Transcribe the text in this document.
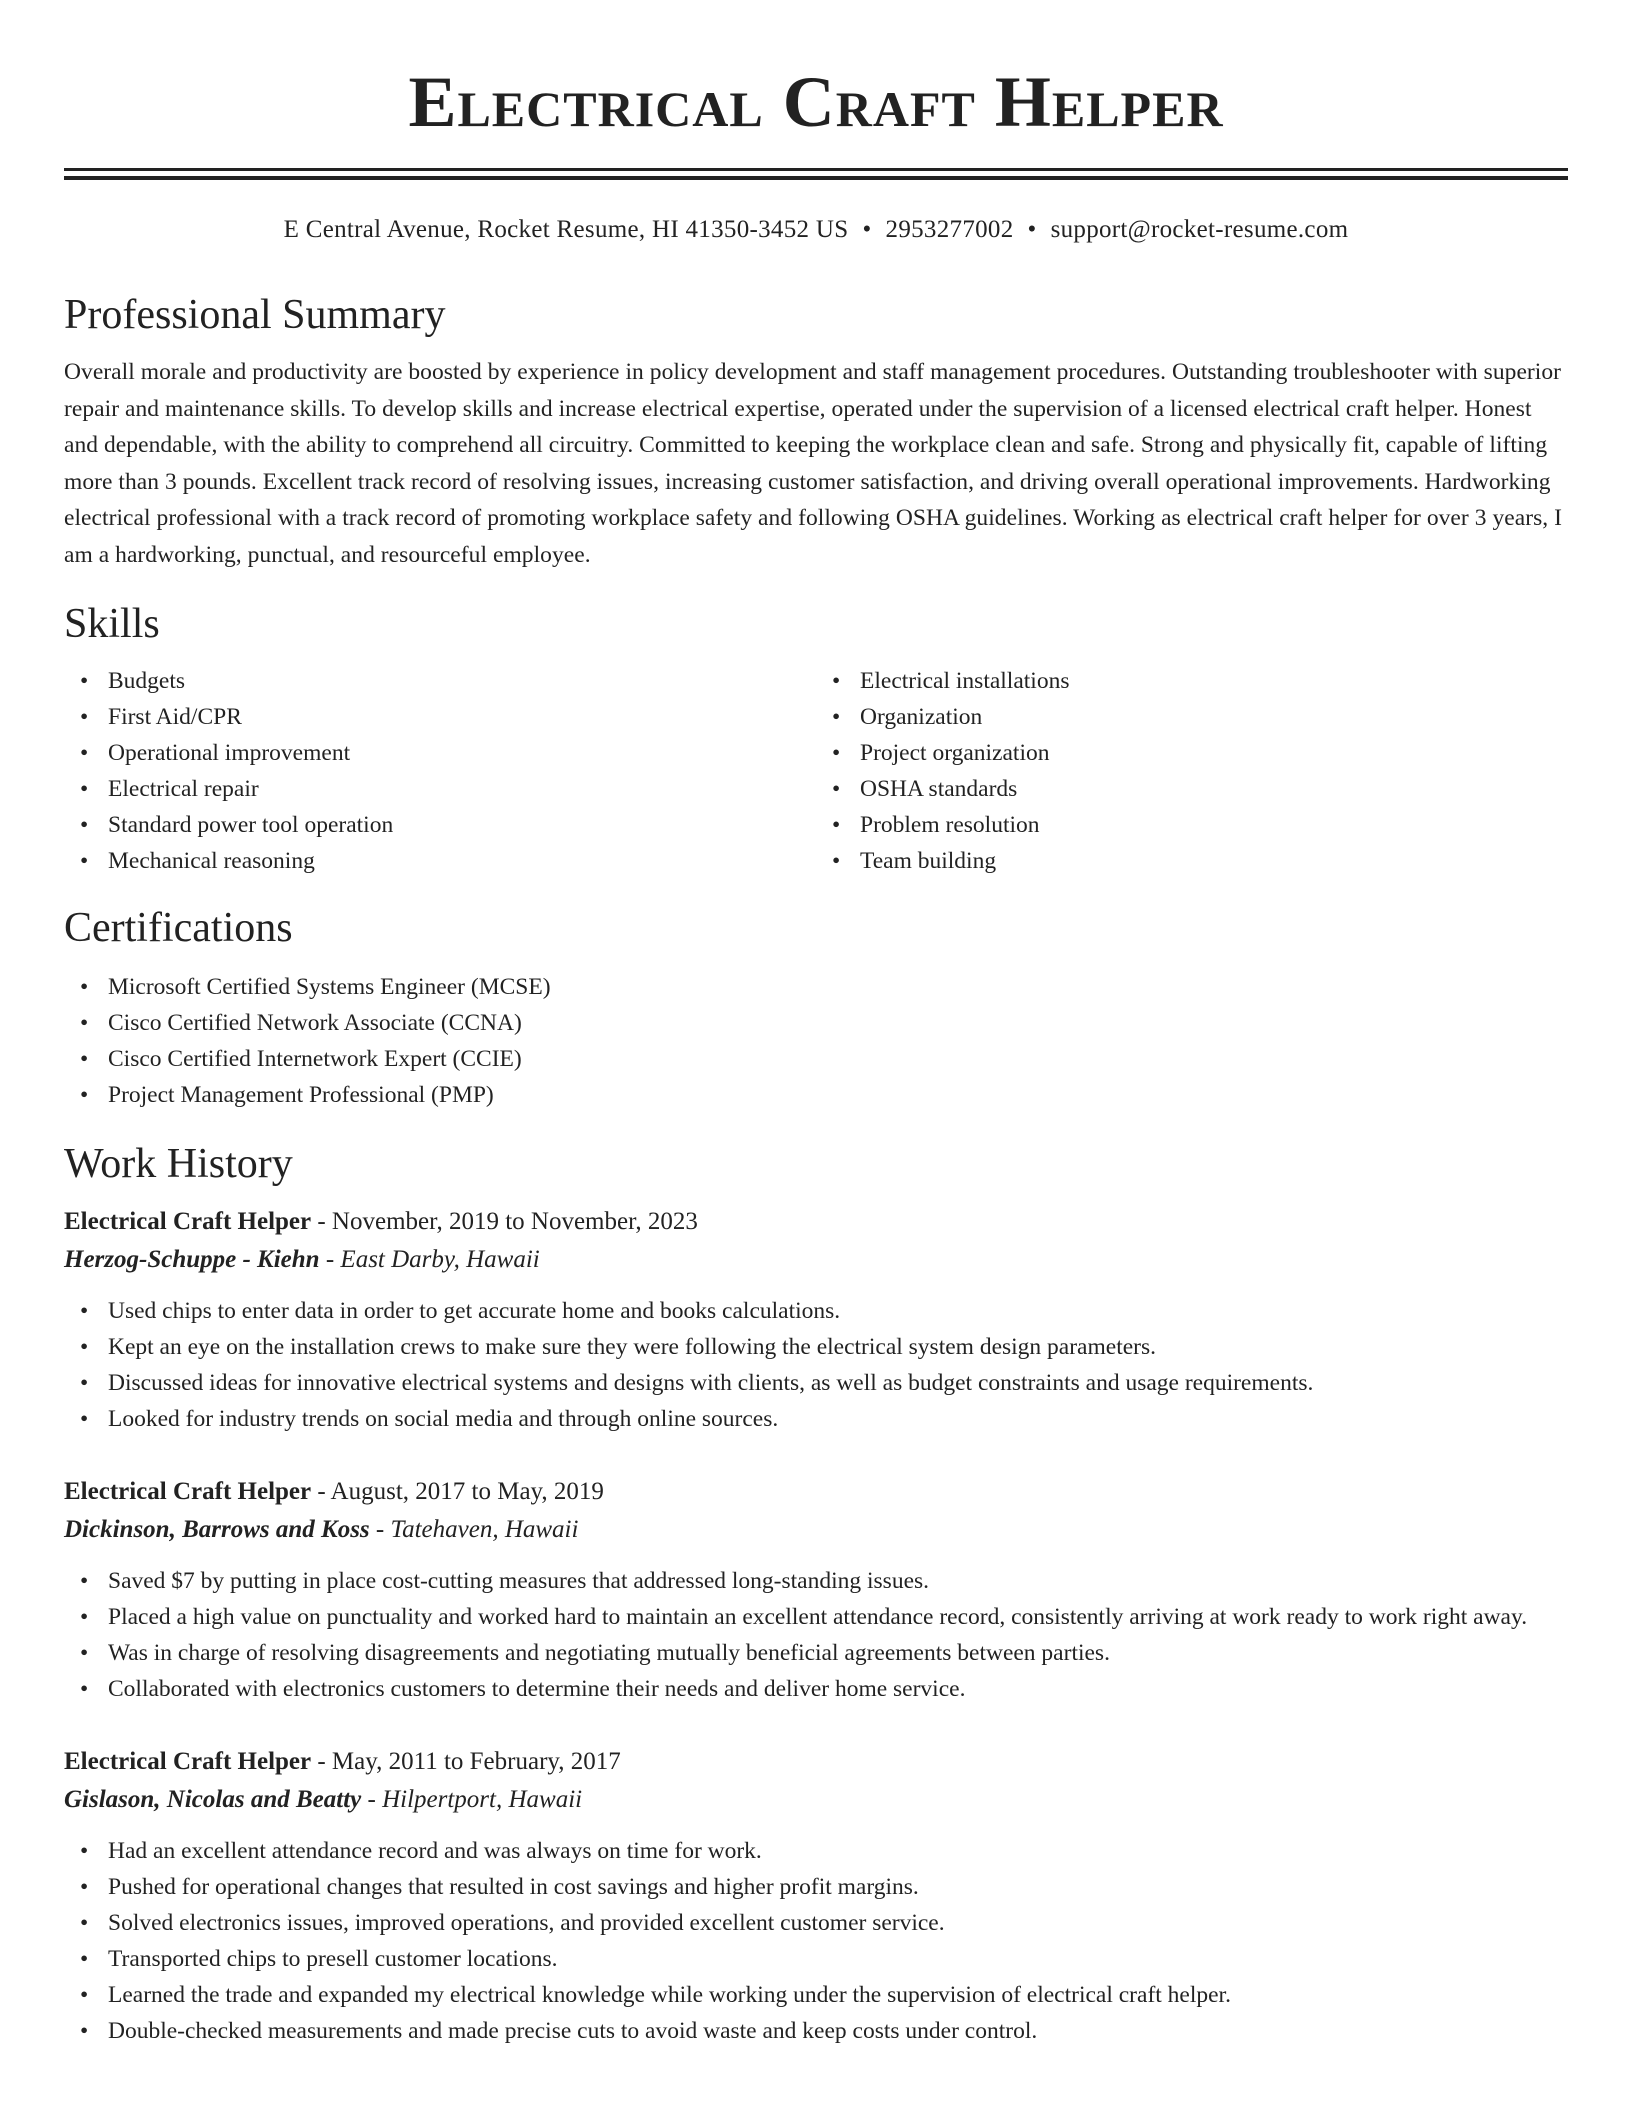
Electrical Craft Helper
E Central Avenue, Rocket Resume, HI 41350-3452 US • 2953277002 • support@rocket-resume.com
Professional Summary

Overall morale and productivity are boosted by experience in policy development and staff management procedures. Outstanding troubleshooter with superior repair and maintenance skills. To develop skills and increase electrical expertise, operated under the supervision of a licensed electrical craft helper. Honest and dependable, with the ability to comprehend all circuitry. Committed to keeping the workplace clean and safe. Strong and physically fit, capable of lifting more than 3 pounds. Excellent track record of resolving issues, increasing customer satisfaction, and driving overall operational improvements. Hardworking electrical professional with a track record of promoting workplace safety and following OSHA guidelines. Working as electrical craft helper for over 3 years, I am a hardworking, punctual, and resourceful employee.

Skills
• Budgets
• First Aid/CPR
• Operational improvement
• Electrical repair
• Standard power tool operation
• Mechanical reasoning
• Electrical installations
• Organization
• Project organization
• OSHA standards
• Problem resolution
• Team building
Certifications
• Microsoft Certified Systems Engineer (MCSE)
• Cisco Certified Network Associate (CCNA)
• Cisco Certified Internetwork Expert (CCIE)
• Project Management Professional (PMP)
Work History
Electrical Craft Helper - November, 2019 to November, 2023
Herzog-Schuppe - Kiehn - East Darby, Hawaii
• Used chips to enter data in order to get accurate home and books calculations.
• Kept an eye on the installation crews to make sure they were following the electrical system design parameters.
• Discussed ideas for innovative electrical systems and designs with clients, as well as budget constraints and usage requirements.
• Looked for industry trends on social media and through online sources.
Electrical Craft Helper - August, 2017 to May, 2019
Dickinson, Barrows and Koss - Tatehaven, Hawaii
• Saved $7 by putting in place cost-cutting measures that addressed long-standing issues.
• Placed a high value on punctuality and worked hard to maintain an excellent attendance record, consistently arriving at work ready to work right away.
• Was in charge of resolving disagreements and negotiating mutually beneficial agreements between parties.
• Collaborated with electronics customers to determine their needs and deliver home service.
Electrical Craft Helper - May, 2011 to February, 2017
Gislason, Nicolas and Beatty - Hilpertport, Hawaii
• Had an excellent attendance record and was always on time for work.
• Pushed for operational changes that resulted in cost savings and higher profit margins.
• Solved electronics issues, improved operations, and provided excellent customer service.
• Transported chips to presell customer locations.
• Learned the trade and expanded my electrical knowledge while working under the supervision of electrical craft helper.
• Double-checked measurements and made precise cuts to avoid waste and keep costs under control.
